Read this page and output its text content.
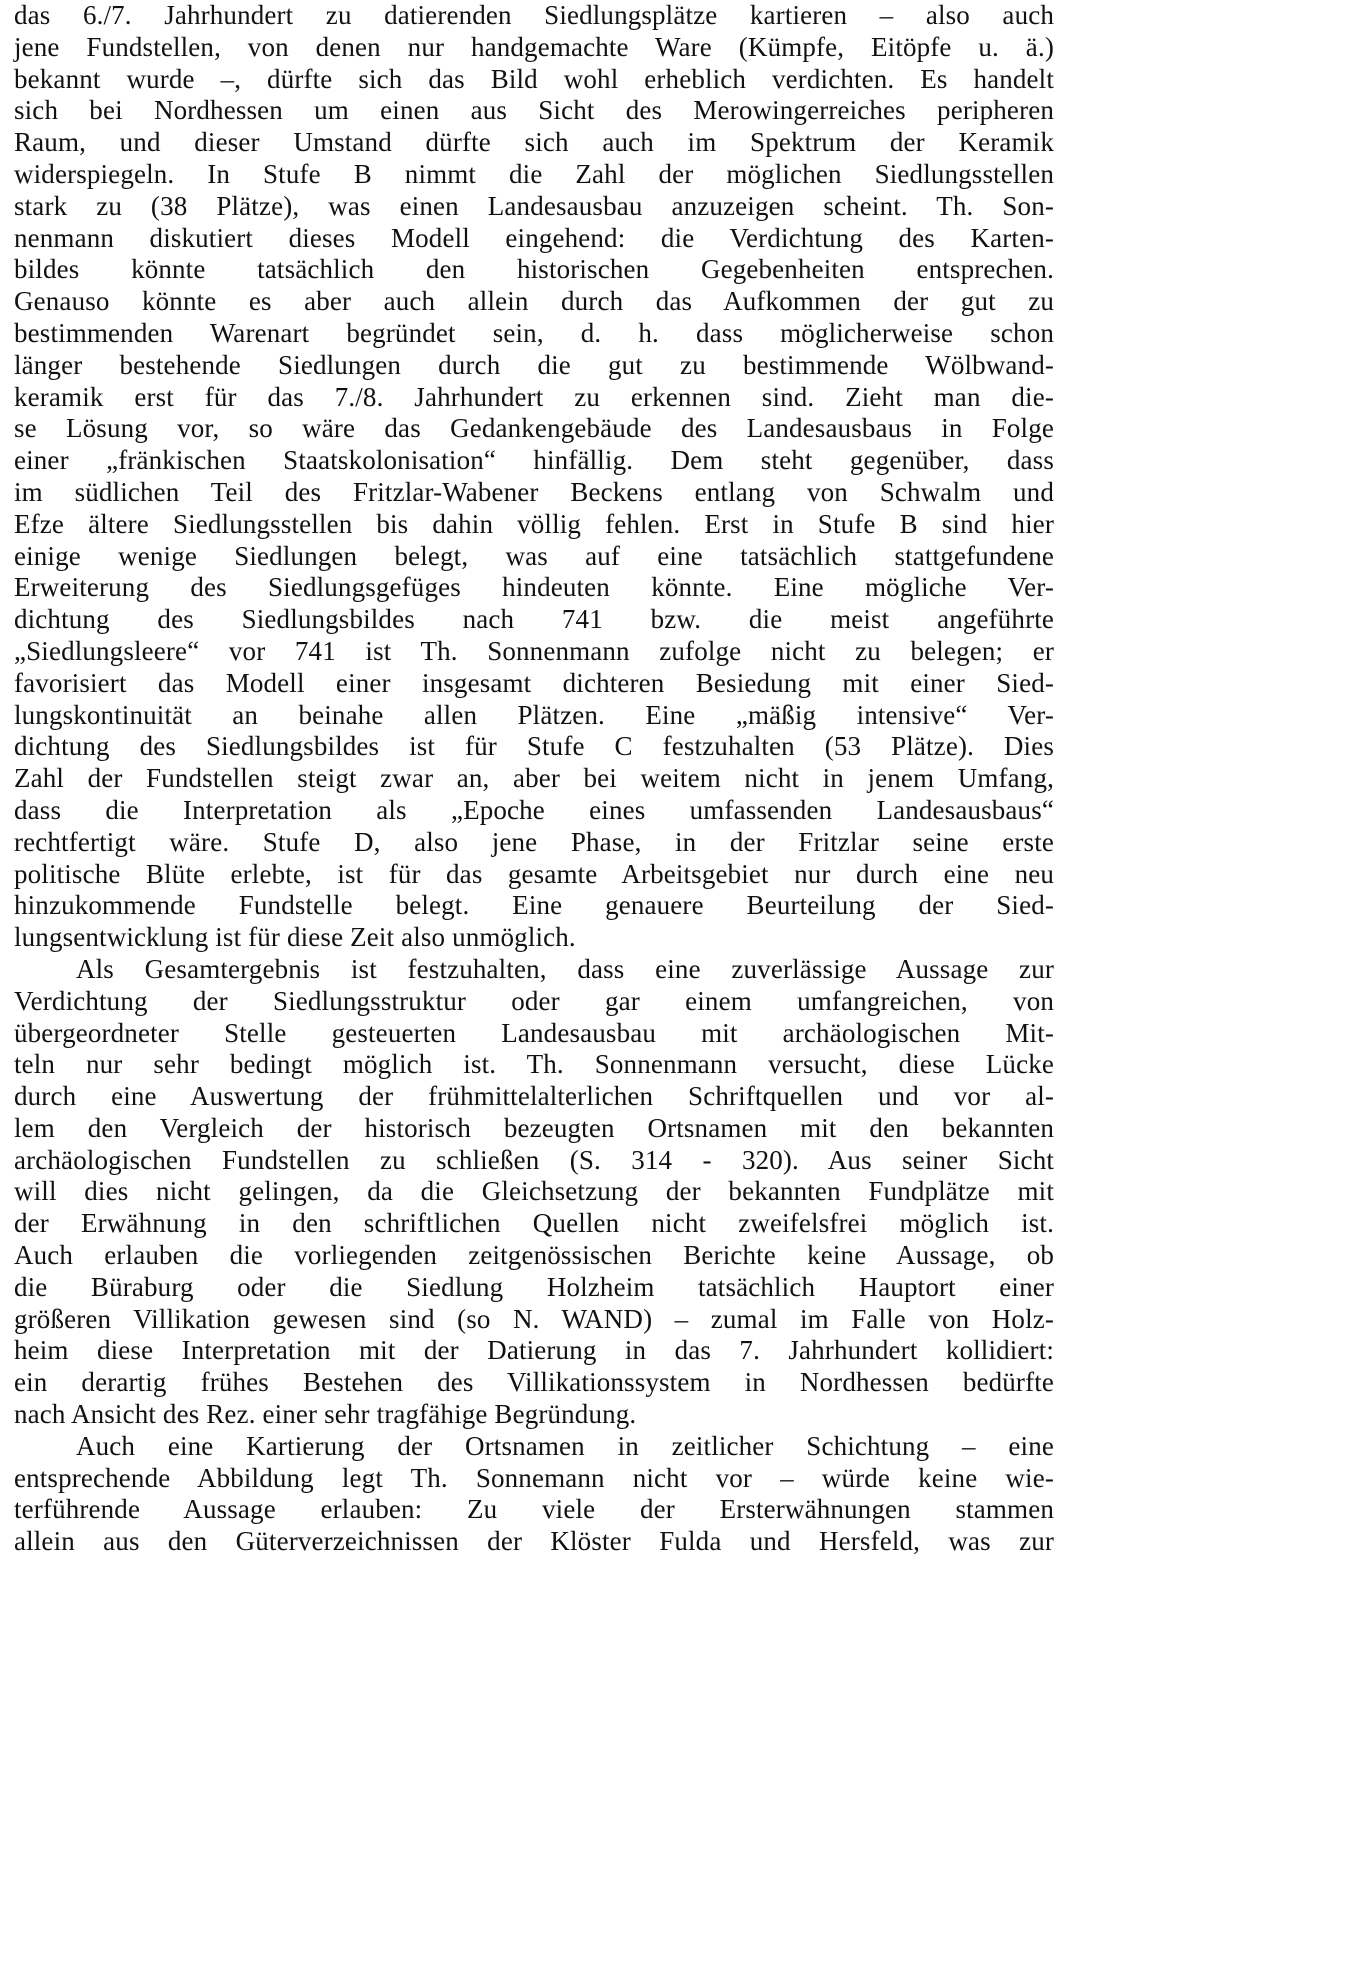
das 6./7. Jahrhundert zu datierenden Siedlungsplätze kartieren – also auch
jene Fundstellen, von denen nur handgemachte Ware (Kümpfe, Eitöpfe u. ä.)
bekannt wurde –, dürfte sich das Bild wohl erheblich verdichten. Es handelt
sich bei Nordhessen um einen aus Sicht des Merowingerreiches peripheren
Raum, und dieser Umstand dürfte sich auch im Spektrum der Keramik
widerspiegeln. In Stufe B nimmt die Zahl der möglichen Siedlungsstellen
stark zu (38 Plätze), was einen Landesausbau anzuzeigen scheint. Th. Son-
nenmann diskutiert dieses Modell eingehend: die Verdichtung des Karten-
bildes könnte tatsächlich den historischen Gegebenheiten entsprechen.
Genauso könnte es aber auch allein durch das Aufkommen der gut zu
bestimmenden Warenart begründet sein, d. h. dass möglicherweise schon
länger bestehende Siedlungen durch die gut zu bestimmende Wölbwand-
keramik erst für das 7./8. Jahrhundert zu erkennen sind. Zieht man die-
se Lösung vor, so wäre das Gedankengebäude des Landesausbaus in Folge
einer „fränkischen Staatskolonisation“ hinfällig. Dem steht gegenüber, dass
im südlichen Teil des Fritzlar-Wabener Beckens entlang von Schwalm und
Efze ältere Siedlungsstellen bis dahin völlig fehlen. Erst in Stufe B sind hier
einige wenige Siedlungen belegt, was auf eine tatsächlich stattgefundene
Erweiterung des Siedlungsgefüges hindeuten könnte. Eine mögliche Ver-
dichtung des Siedlungsbildes nach 741 bzw. die meist angeführte
„Siedlungsleere“ vor 741 ist Th. Sonnenmann zufolge nicht zu belegen; er
favorisiert das Modell einer insgesamt dichteren Besiedung mit einer Sied-
lungskontinuität an beinahe allen Plätzen. Eine „mäßig intensive“ Ver-
dichtung des Siedlungsbildes ist für Stufe C festzuhalten (53 Plätze). Dies
Zahl der Fundstellen steigt zwar an, aber bei weitem nicht in jenem Umfang,
dass die Interpretation als „Epoche eines umfassenden Landesausbaus“
rechtfertigt wäre. Stufe D, also jene Phase, in der Fritzlar seine erste
politische Blüte erlebte, ist für das gesamte Arbeitsgebiet nur durch eine neu
hinzukommende Fundstelle belegt. Eine genauere Beurteilung der Sied-
lungsentwicklung ist für diese Zeit also unmöglich.
Als Gesamtergebnis ist festzuhalten, dass eine zuverlässige Aussage zur
Verdichtung der Siedlungsstruktur oder gar einem umfangreichen, von
übergeordneter Stelle gesteuerten Landesausbau mit archäologischen Mit-
teln nur sehr bedingt möglich ist. Th. Sonnenmann versucht, diese Lücke
durch eine Auswertung der frühmittelalterlichen Schriftquellen und vor al-
lem den Vergleich der historisch bezeugten Ortsnamen mit den bekannten
archäologischen Fundstellen zu schließen (S. 314 - 320). Aus seiner Sicht
will dies nicht gelingen, da die Gleichsetzung der bekannten Fundplätze mit
der Erwähnung in den schriftlichen Quellen nicht zweifelsfrei möglich ist.
Auch erlauben die vorliegenden zeitgenössischen Berichte keine Aussage, ob
die Büraburg oder die Siedlung Holzheim tatsächlich Hauptort einer
größeren Villikation gewesen sind (so N. WAND) – zumal im Falle von Holz-
heim diese Interpretation mit der Datierung in das 7. Jahrhundert kollidiert:
ein derartig frühes Bestehen des Villikationssystem in Nordhessen bedürfte
nach Ansicht des Rez. einer sehr tragfähige Begründung.
Auch eine Kartierung der Ortsnamen in zeitlicher Schichtung – eine
entsprechende Abbildung legt Th. Sonnemann nicht vor – würde keine wie-
terführende Aussage erlauben: Zu viele der Ersterwähnungen stammen
allein aus den Güterverzeichnissen der Klöster Fulda und Hersfeld, was zur
